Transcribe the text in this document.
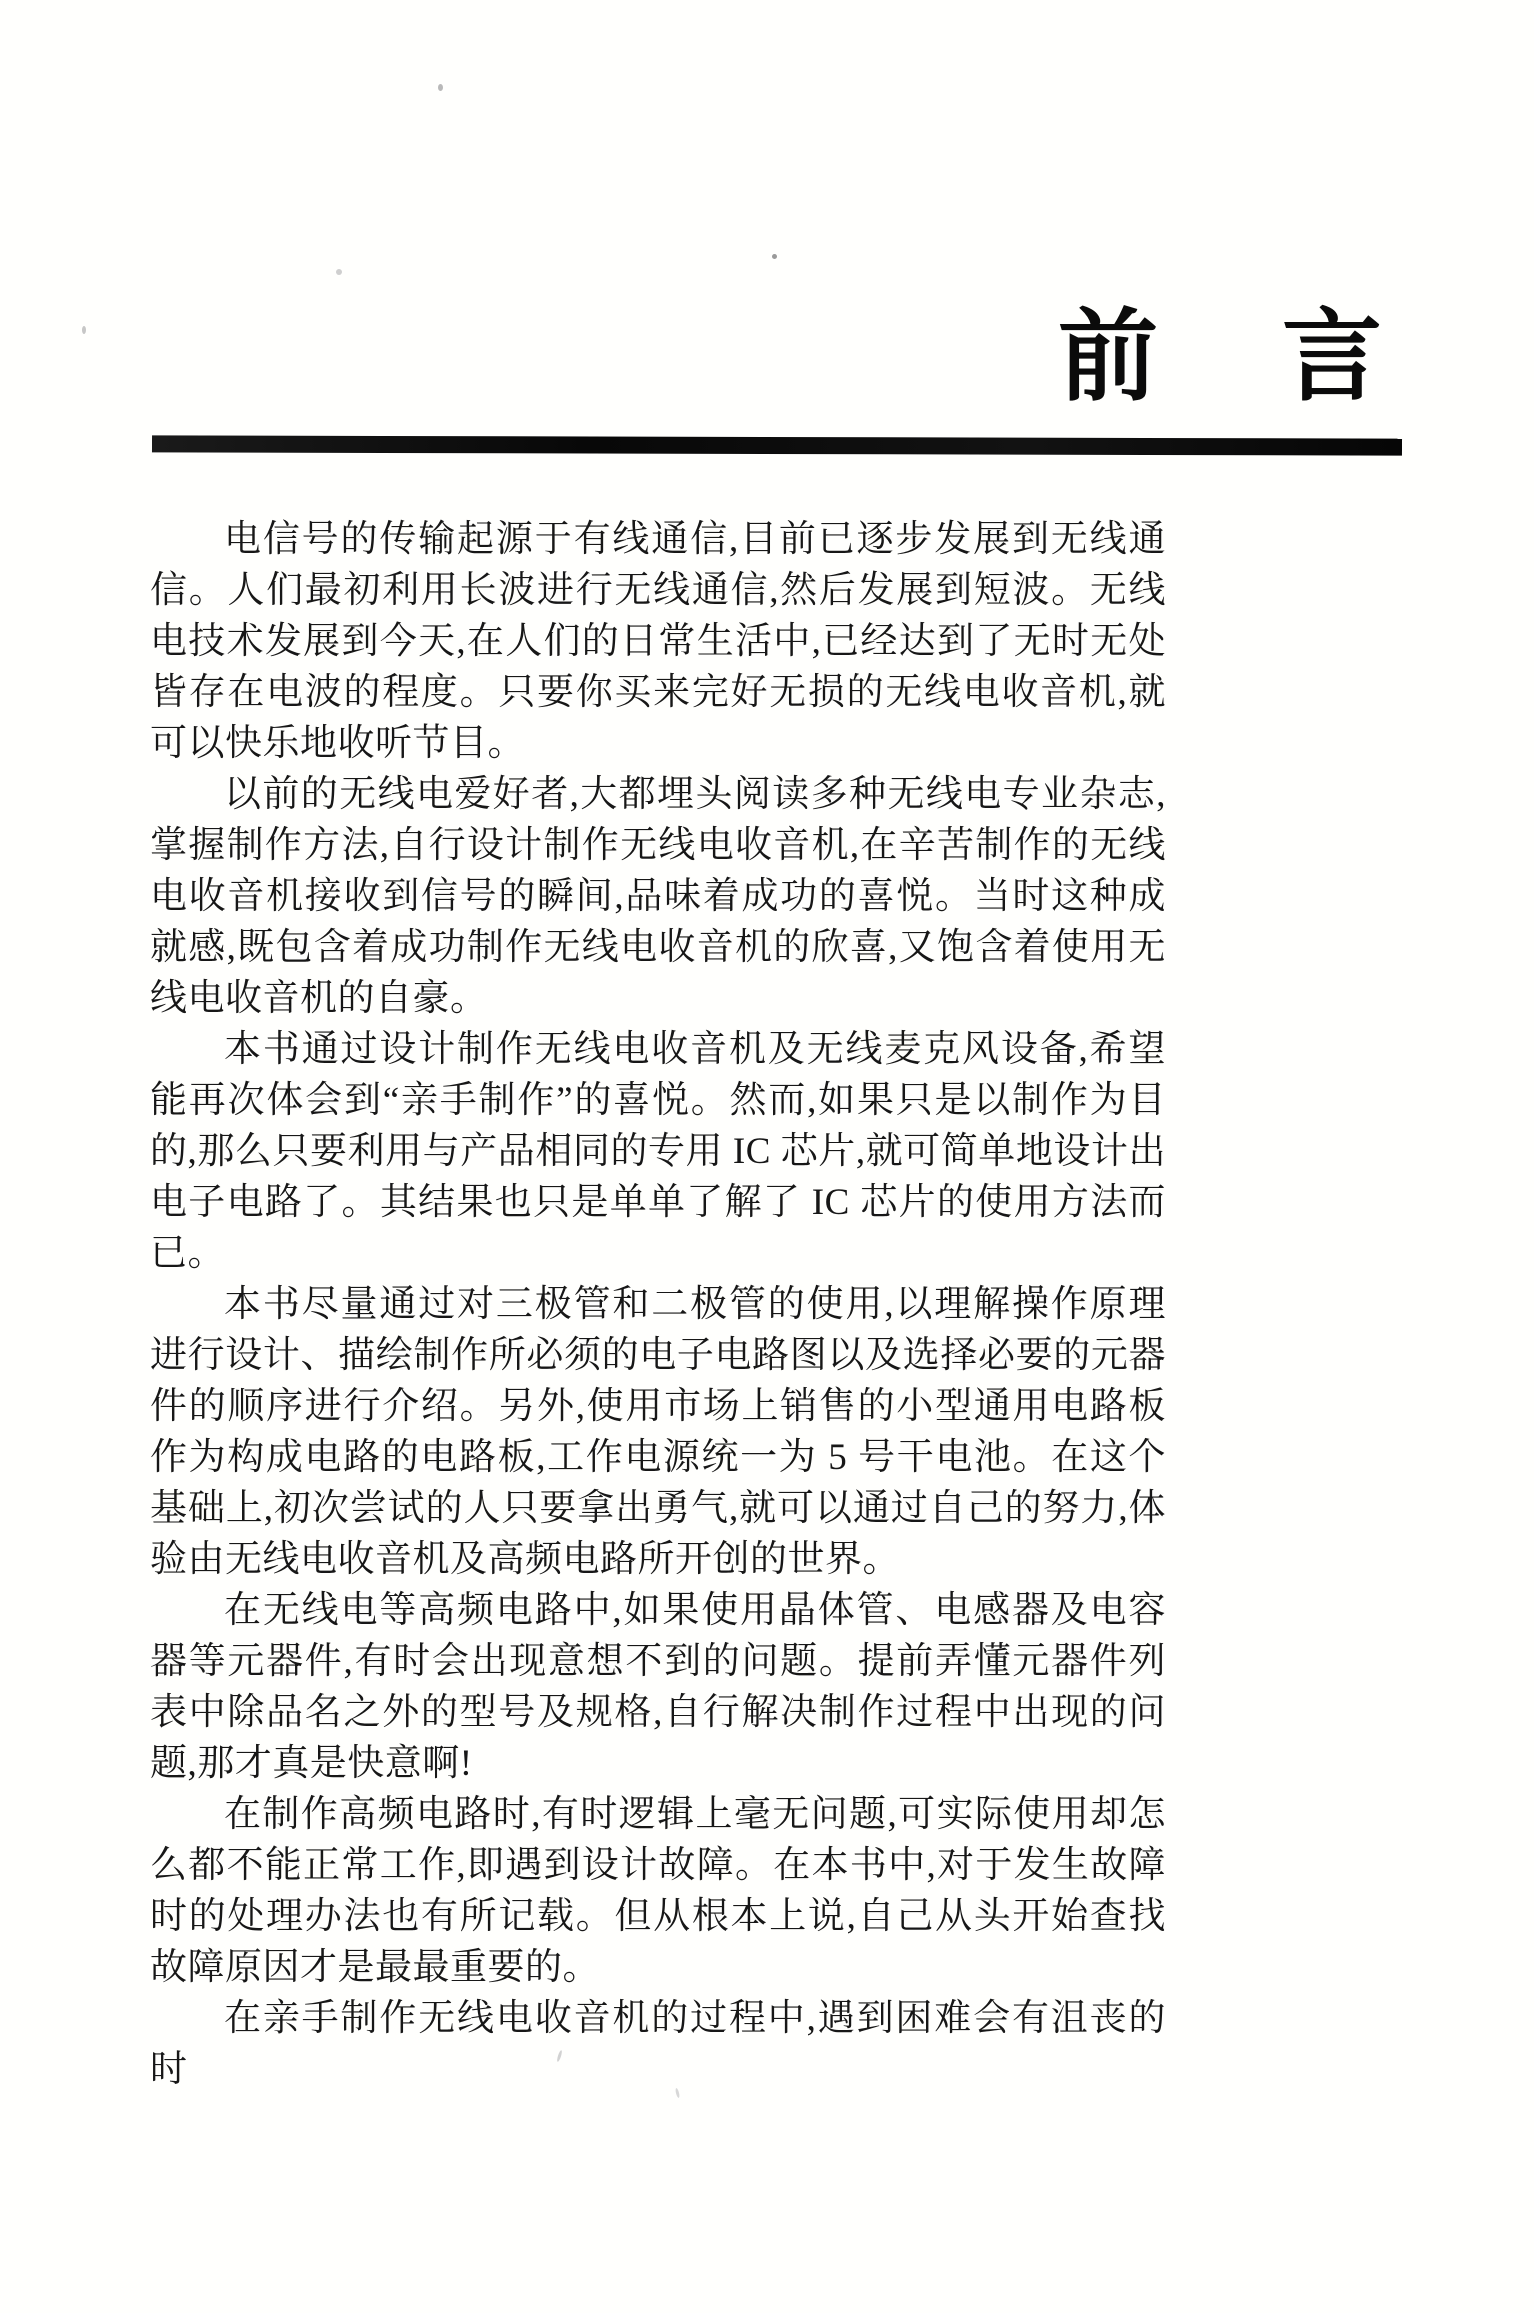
前 言

电信号的传输起源于有线通信,目前已逐步发展到无线通信。人们最初利用长波进行无线通信,然后发展到短波。无线电技术发展到今天,在人们的日常生活中,已经达到了无时无处皆存在电波的程度。只要你买来完好无损的无线电收音机,就可以快乐地收听节目。

以前的无线电爱好者,大都埋头阅读多种无线电专业杂志,掌握制作方法,自行设计制作无线电收音机,在辛苦制作的无线电收音机接收到信号的瞬间,品味着成功的喜悦。当时这种成就感,既包含着成功制作无线电收音机的欣喜,又饱含着使用无线电收音机的自豪。

本书通过设计制作无线电收音机及无线麦克风设备,希望能再次体会到“亲手制作”的喜悦。然而,如果只是以制作为目的,那么只要利用与产品相同的专用 IC 芯片,就可简单地设计出电子电路了。其结果也只是单单了解了 IC 芯片的使用方法而已。

本书尽量通过对三极管和二极管的使用,以理解操作原理进行设计、描绘制作所必须的电子电路图以及选择必要的元器件的顺序进行介绍。另外,使用市场上销售的小型通用电路板作为构成电路的电路板,工作电源统一为 5 号干电池。在这个基础上,初次尝试的人只要拿出勇气,就可以通过自己的努力,体验由无线电收音机及高频电路所开创的世界。

在无线电等高频电路中,如果使用晶体管、电感器及电容器等元器件,有时会出现意想不到的问题。提前弄懂元器件列表中除品名之外的型号及规格,自行解决制作过程中出现的问题,那才真是快意啊!

在制作高频电路时,有时逻辑上毫无问题,可实际使用却怎么都不能正常工作,即遇到设计故障。在本书中,对于发生故障时的处理办法也有所记载。但从根本上说,自己从头开始查找故障原因才是最最重要的。

在亲手制作无线电收音机的过程中,遇到困难会有沮丧的时
